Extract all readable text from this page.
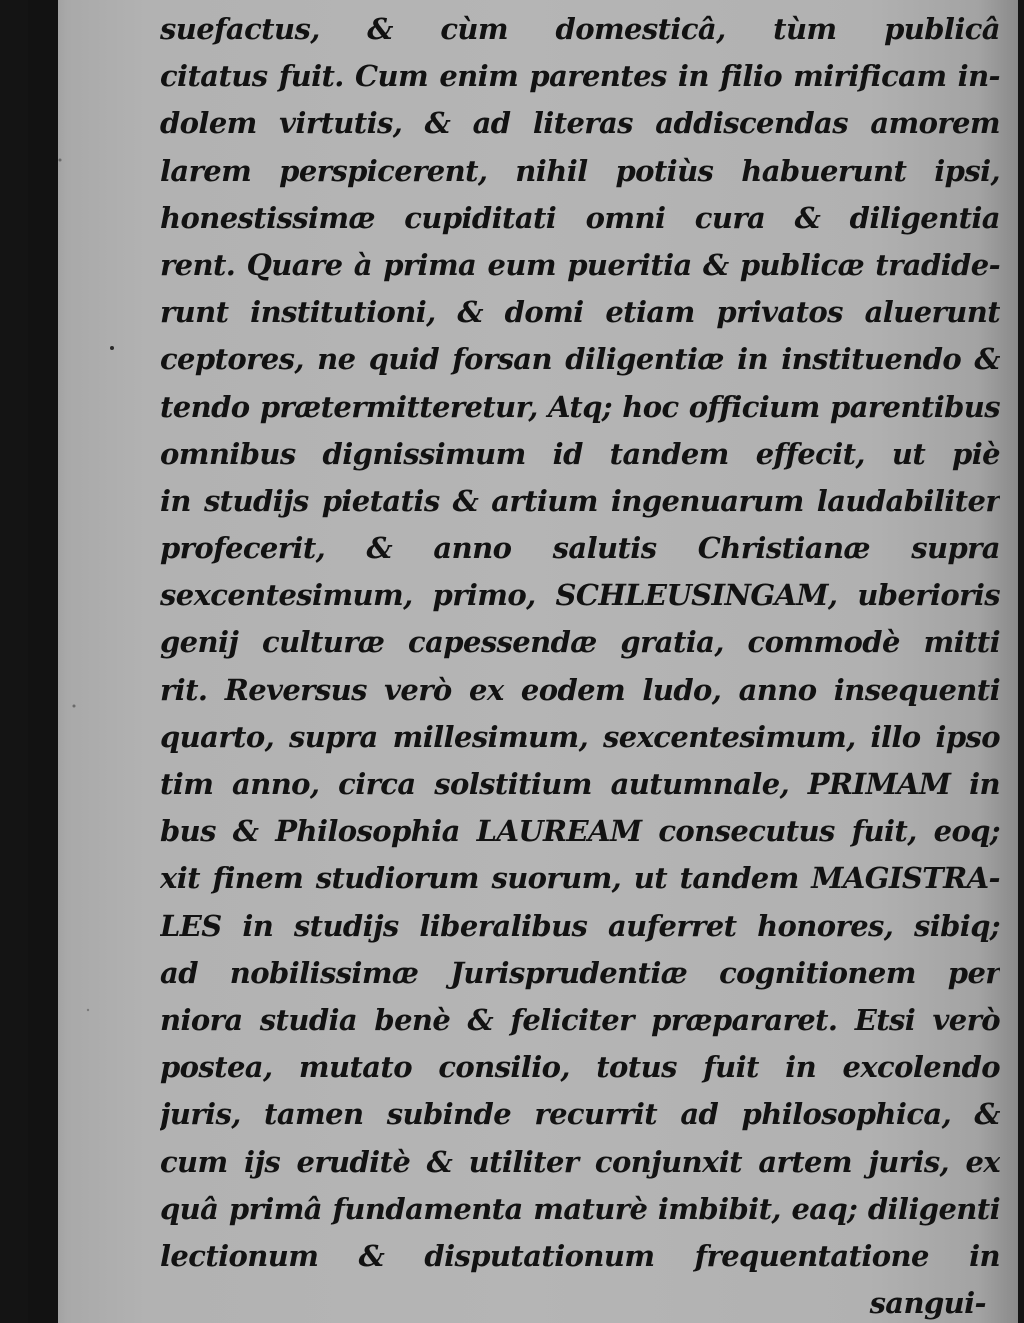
suefactus, & cùm domesticâ, tùm publicâ
citatus fuit. Cum enim parentes in filio mirificam in-
dolem virtutis, & ad literas addiscendas amorem
larem perspicerent, nihil potiùs habuerunt ipsi,
honestissimæ cupiditati omni cura & diligentia
rent. Quare à prima eum pueritia & publicæ tradide-
runt institutioni, & domi etiam privatos aluerunt
ceptores, ne quid forsan diligentiæ in instituendo &
tendo prætermitteretur, Atq; hoc officium parentibus
omnibus dignissimum id tandem effecit, ut piè
in studijs pietatis & artium ingenuarum laudabiliter
profecerit, & anno salutis Christianæ supra
sexcentesimum, primo, SCHLEUSINGAM, uberioris
genij culturæ capessendæ gratia, commodè mitti
rit. Reversus verò ex eodem ludo, anno insequenti
quarto, supra millesimum, sexcentesimum, illo ipso
tim anno, circa solstitium autumnale, PRIMAM in
bus & Philosophia LAUREAM consecutus fuit, eoq;
xit finem studiorum suorum, ut tandem MAGISTRA-
LES in studijs liberalibus auferret honores, sibiq;
ad nobilissimæ Jurisprudentiæ cognitionem per
niora studia benè & feliciter præpararet. Etsi verò
postea, mutato consilio, totus fuit in excolendo
juris, tamen subinde recurrit ad philosophica, &
cum ijs eruditè & utiliter conjunxit artem juris, ex
quâ primâ fundamenta maturè imbibit, eaq; diligenti
lectionum & disputationum frequentatione in
sangui-
